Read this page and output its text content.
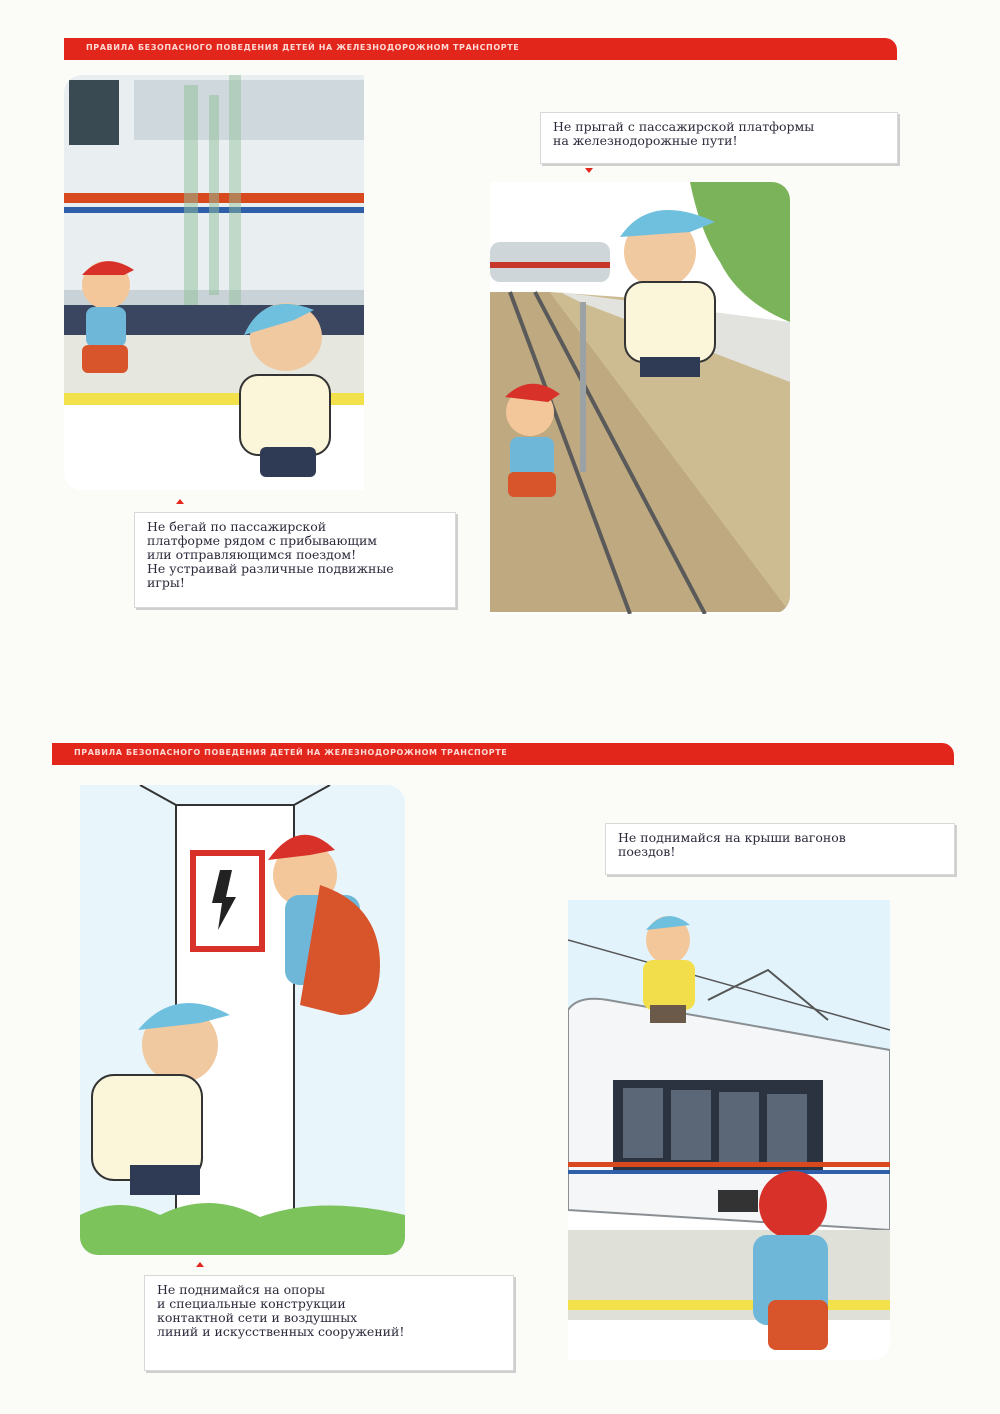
ПРАВИЛА БЕЗОПАСНОГО ПОВЕДЕНИЯ ДЕТЕЙ НА ЖЕЛЕЗНОДОРОЖНОМ ТРАНСПОРТЕ
Не бегай по пассажирской
платформе рядом с прибывающим
или отправляющимся поездом!
Не устраивай различные подвижные
игры!
Не прыгай с пассажирской платформы
на железнодорожные пути!
ПРАВИЛА БЕЗОПАСНОГО ПОВЕДЕНИЯ ДЕТЕЙ НА ЖЕЛЕЗНОДОРОЖНОМ ТРАНСПОРТЕ
Не поднимайся на опоры
и специальные конструкции
контактной сети и воздушных
линий и искусственных сооружений!
Не поднимайся на крыши вагонов
поездов!
